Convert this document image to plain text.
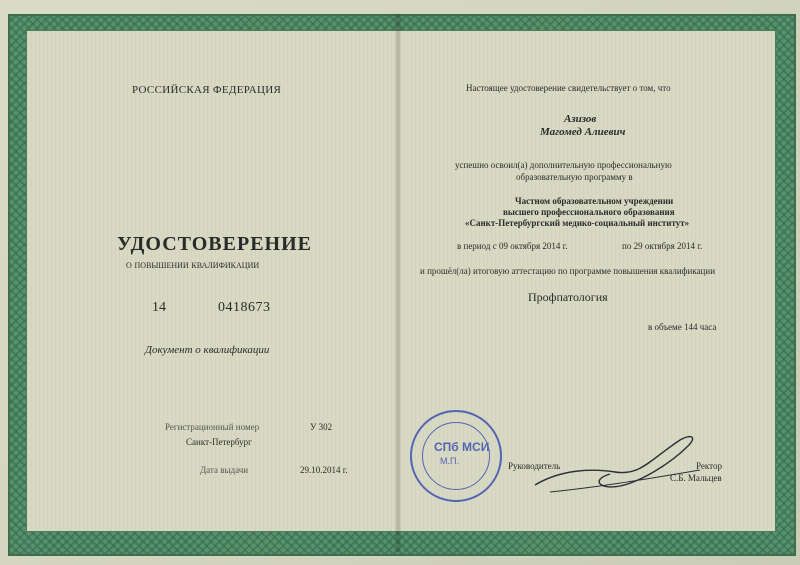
РОССИЙСКАЯ ФЕДЕРАЦИЯ
УДОСТОВЕРЕНИЕ
о повышении квалификации
14	0418673
Документ о квалификации
Регистрационный номер	У 302
Санкт-Петербург
Дата выдачи	29.10.2014 г.
Настоящее удостоверение свидетельствует о том, что
Азизов
Магомед Алиевич
успешно освоил(а) дополнительную профессиональную
образовательную программу в
Частном образовательном учреждении
высшего профессионального образования
«Санкт-Петербургский медико-социальный институт»
в период с 09 октября 2014 г.	по 29 октября 2014 г.
и прошёл(ла) итоговую аттестацию по программе повышения квалификации
Профпатология
в объеме 144 часа
Руководитель	Ректор
С.Б. Мальцев
СПб МСИ
М.П.
